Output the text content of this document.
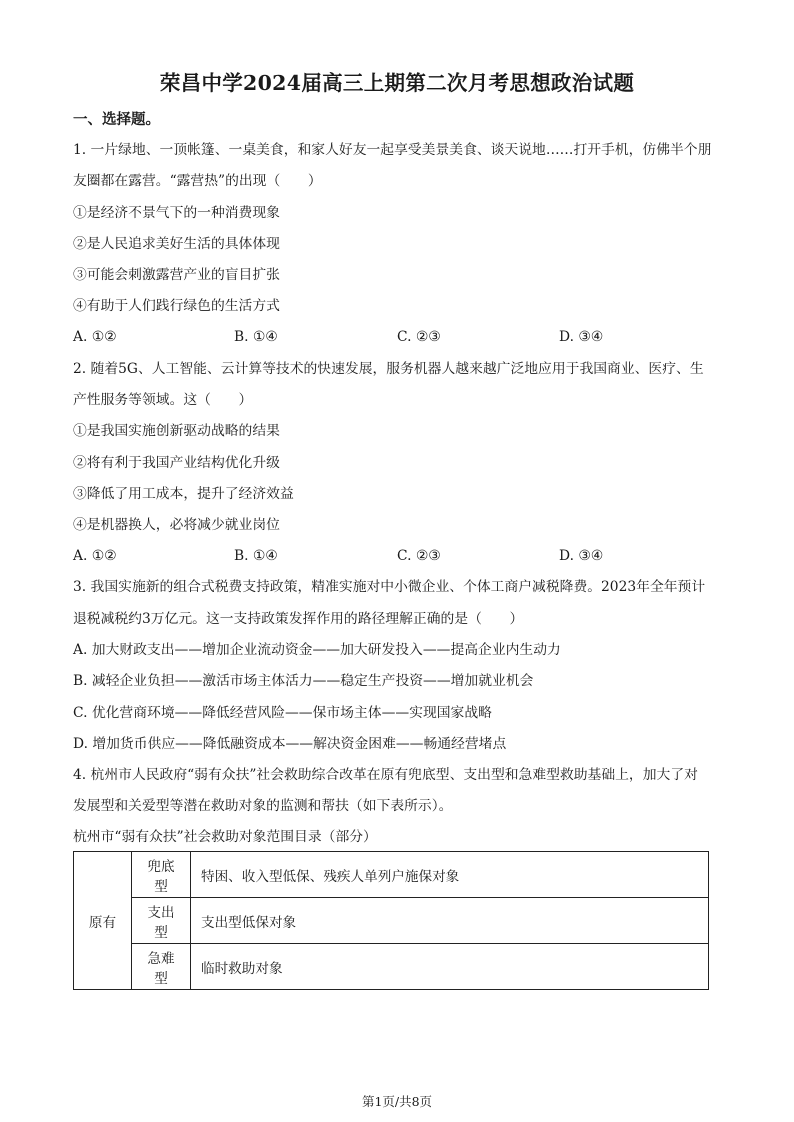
荣昌中学2024届高三上期第二次月考思想政治试题
一、选择题。
1. 一片绿地、一顶帐篷、一桌美食，和家人好友一起享受美景美食、谈天说地……打开手机，仿佛半个朋
友圈都在露营。“露营热”的出现（　　）
①是经济不景气下的一种消费现象
②是人民追求美好生活的具体体现
③可能会刺激露营产业的盲目扩张
④有助于人们践行绿色的生活方式
A. ①②	B. ①④	C. ②③	D. ③④
2. 随着5G、人工智能、云计算等技术的快速发展，服务机器人越来越广泛地应用于我国商业、医疗、生
产性服务等领域。这（　　）
①是我国实施创新驱动战略的结果
②将有利于我国产业结构优化升级
③降低了用工成本，提升了经济效益
④是机器换人，必将减少就业岗位
A. ①②	B. ①④	C. ②③	D. ③④
3. 我国实施新的组合式税费支持政策，精准实施对中小微企业、个体工商户减税降费。2023年全年预计
退税减税约3万亿元。这一支持政策发挥作用的路径理解正确的是（　　）
A. 加大财政支出——增加企业流动资金——加大研发投入——提高企业内生动力
B. 减轻企业负担——激活市场主体活力——稳定生产投资——增加就业机会
C. 优化营商环境——降低经营风险——保市场主体——实现国家战略
D. 增加货币供应——降低融资成本——解决资金困难——畅通经营堵点
4. 杭州市人民政府“弱有众扶”社会救助综合改革在原有兜底型、支出型和急难型救助基础上，加大了对
发展型和关爱型等潜在救助对象的监测和帮扶（如下表所示）。
杭州市“弱有众扶”社会救助对象范围目录（部分）
原有	兜底型	特困、收入型低保、残疾人单列户施保对象
	支出型	支出型低保对象
	急难型	临时救助对象
第1页/共8页
